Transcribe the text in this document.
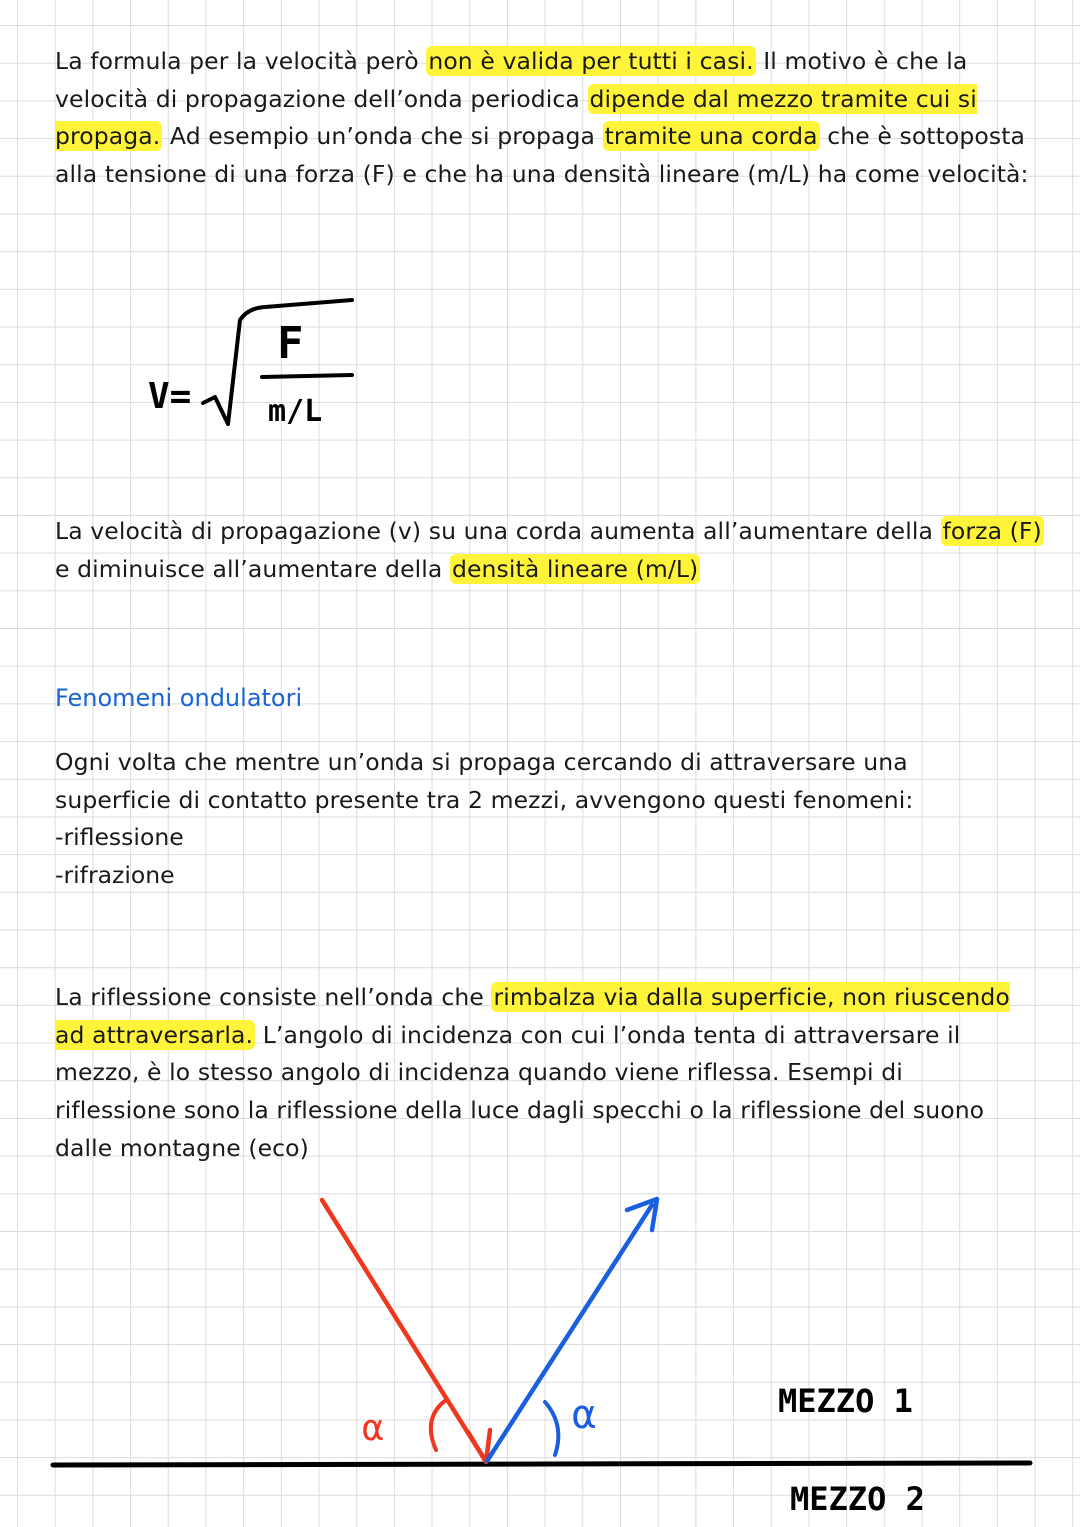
La formula per la velocità però non è valida per tutti i casi. Il motivo è che la velocità di propagazione dell’onda periodica dipende dal mezzo tramite cui si propaga. Ad esempio un’onda che si propaga tramite una corda che è sottoposta alla tensione di una forza (F) e che ha una densità lineare (m/L) ha come velocità:
V=
F
m/L
La velocità di propagazione (v) su una corda aumenta all’aumentare della forza (F) e diminuisce all’aumentare della densità lineare (m/L)
Fenomeni ondulatori
Ogni volta che mentre un’onda si propaga cercando di attraversare una superficie di contatto presente tra 2 mezzi, avvengono questi fenomeni:
-riflessione
-rifrazione
La riflessione consiste nell’onda che rimbalza via dalla superficie, non riuscendo ad attraversarla. L’angolo di incidenza con cui l’onda tenta di attraversare il mezzo, è lo stesso angolo di incidenza quando viene riflessa. Esempi di riflessione sono la riflessione della luce dagli specchi o la riflessione del suono dalle montagne (eco)
α	α	MEZZO 1
MEZZO 2
